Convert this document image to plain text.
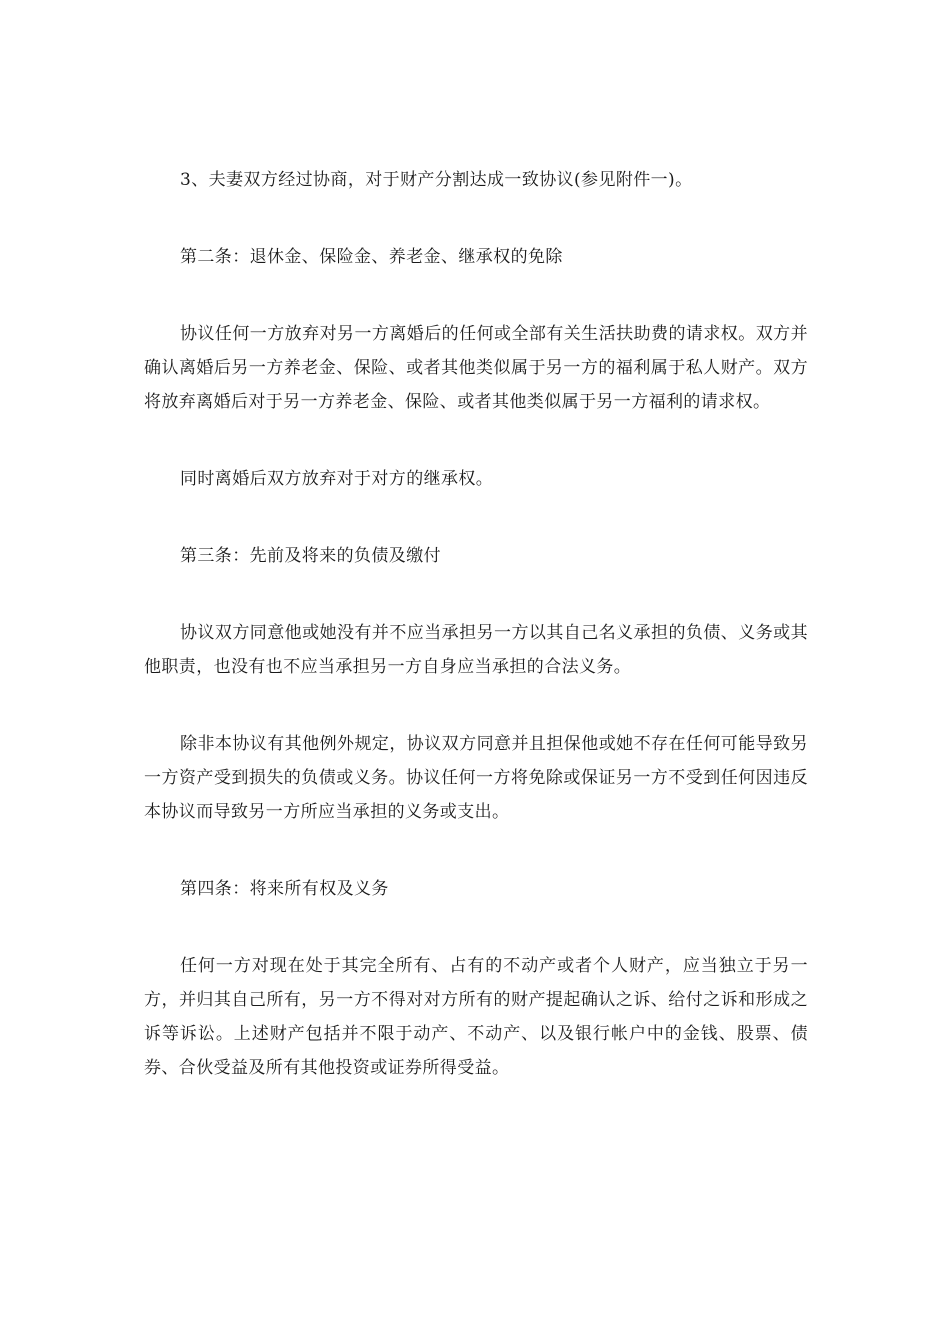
3、夫妻双方经过协商，对于财产分割达成一致协议(参见附件一)。

第二条：退休金、保险金、养老金、继承权的免除

协议任何一方放弃对另一方离婚后的任何或全部有关生活扶助费的请求权。双方并确认离婚后另一方养老金、保险、或者其他类似属于另一方的福利属于私人财产。双方将放弃离婚后对于另一方养老金、保险、或者其他类似属于另一方福利的请求权。

同时离婚后双方放弃对于对方的继承权。

第三条：先前及将来的负债及缴付

协议双方同意他或她没有并不应当承担另一方以其自己名义承担的负债、义务或其他职责，也没有也不应当承担另一方自身应当承担的合法义务。

除非本协议有其他例外规定，协议双方同意并且担保他或她不存在任何可能导致另一方资产受到损失的负债或义务。协议任何一方将免除或保证另一方不受到任何因违反本协议而导致另一方所应当承担的义务或支出。

第四条：将来所有权及义务

任何一方对现在处于其完全所有、占有的不动产或者个人财产，应当独立于另一方，并归其自己所有，另一方不得对对方所有的财产提起确认之诉、给付之诉和形成之诉等诉讼。上述财产包括并不限于动产、不动产、以及银行帐户中的金钱、股票、债券、合伙受益及所有其他投资或证券所得受益。
